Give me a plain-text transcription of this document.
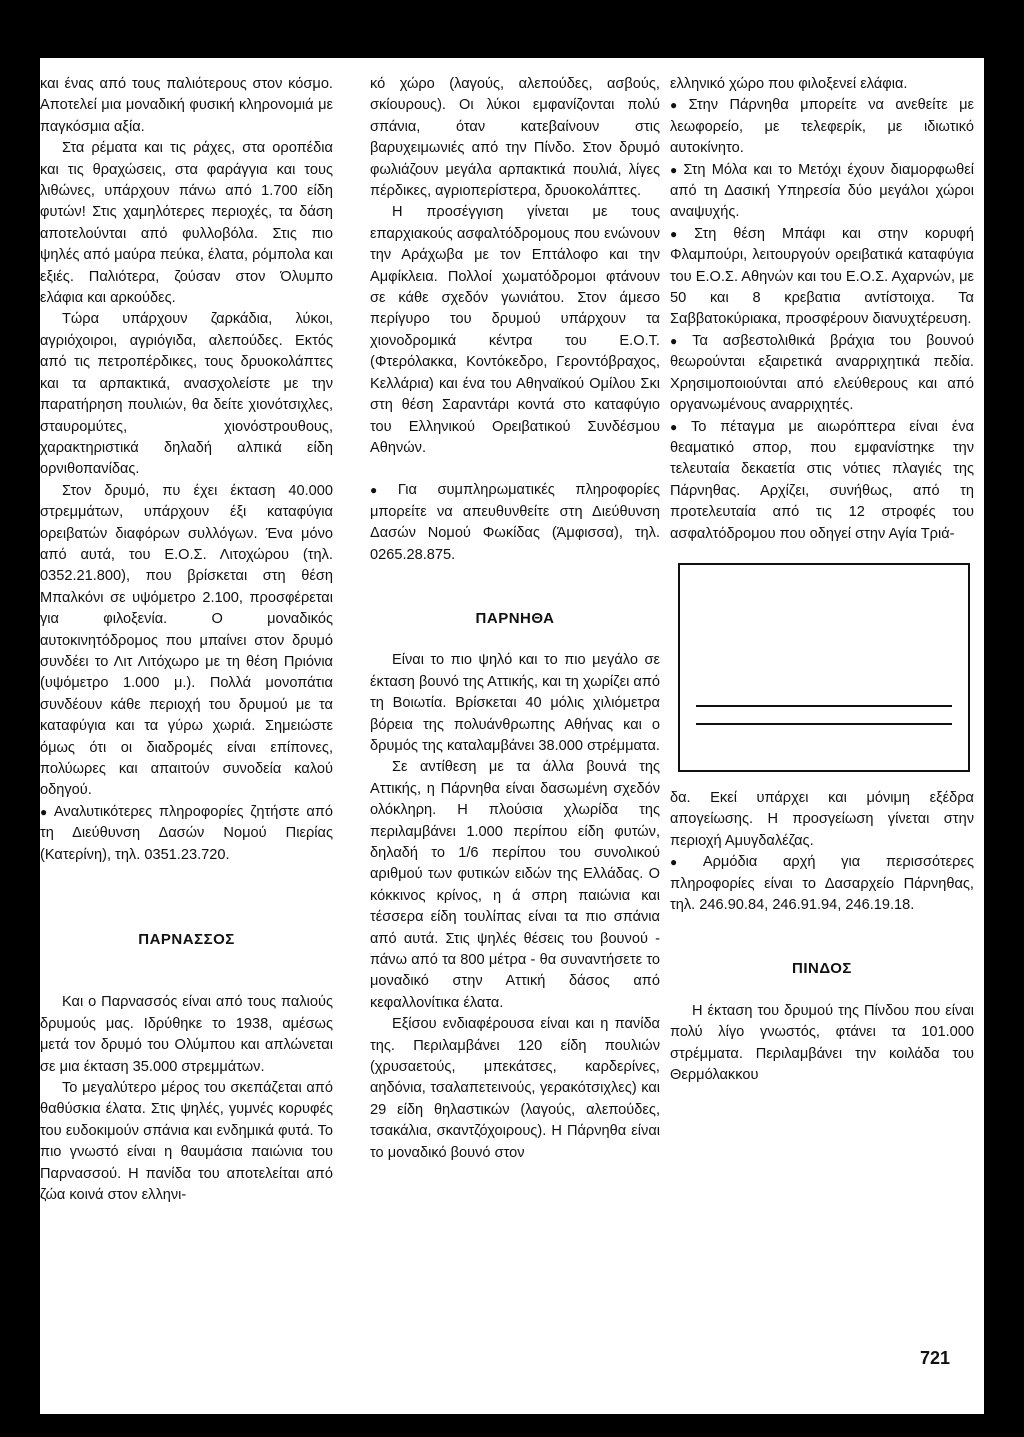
και ένας από τους παλιότερους στον κόσμο. Αποτελεί μια μοναδική φυσική κληρονομιά με παγκόσμια αξία.

Στα ρέματα και τις ράχες, στα οροπέδια και τις θραχώσεις, στα φαράγγια και τους λιθώνες, υπάρχουν πάνω από 1.700 είδη φυτών! Στις χαμηλότερες περιοχές, τα δάση αποτελούνται από φυλλοβόλα. Στις πιο ψηλές από μαύρα πεύκα, έλατα, ρόμπολα και εξιές. Παλιότερα, ζούσαν στον Όλυμπο ελάφια και αρκούδες.

Τώρα υπάρχουν ζαρκάδια, λύκοι, αγριόχοιροι, αγριόγιδα, αλεπούδες. Εκτός από τις πετροπέρδικες, τους δρυοκολάπτες και τα αρπακτικά, ανασχολείστε με την παρατήρηση πουλιών, θα δείτε χιονότσιχλες, σταυρομύτες, χιονόστρουθους, χαρακτηριστικά δηλαδή αλπικά είδη ορνιθοπανίδας.

Στον δρυμό, πυ έχει έκταση 40.000 στρεμμάτων, υπάρχουν έξι καταφύγια ορειβατών διαφόρων συλλόγων. Ένα μόνο από αυτά, του Ε.Ο.Σ. Λιτοχώρου (τηλ. 0352.21.800), που βρίσκεται στη θέση Μπαλκόνι σε υψόμετρο 2.100, προσφέρεται για φιλοξενία. Ο μοναδικός αυτοκινητόδρομος που μπαίνει στον δρυμό συνδέει το Λιτ Λιτόχωρο με τη θέση Πριόνια (υψόμετρο 1.000 μ.). Πολλά μονοπάτια συνδέουν κάθε περιοχή του δρυμού με τα καταφύγια και τα γύρω χωριά. Σημειώστε όμως ότι οι διαδρομές είναι επίπονες, πολύωρες και απαιτούν συνοδεία καλού οδηγού.

● Αναλυτικότερες πληροφορίες ζητήστε από τη Διεύθυνση Δασών Νομού Πιερίας (Κατερίνη), τηλ. 0351.23.720.

ΠΑΡΝΑΣΣΟΣ

Και ο Παρνασσός είναι από τους παλιούς δρυμούς μας. Ιδρύθηκε το 1938, αμέσως μετά τον δρυμό του Ολύμπου και απλώνεται σε μια έκταση 35.000 στρεμμάτων.

Το μεγαλύτερο μέρος του σκεπάζεται από θαθύσκια έλατα. Στις ψηλές, γυμνές κορυφές του ευδοκιμούν σπάνια και ενδημικά φυτά. Το πιο γνωστό είναι η θαυμάσια παιώνια του Παρνασσού. Η πανίδα του αποτελείται από ζώα κοινά στον ελληνι-

κό χώρο (λαγούς, αλεπούδες, ασβούς, σκίουρους). Οι λύκοι εμφανίζονται πολύ σπάνια, όταν κατεβαίνουν στις βαρυχειμωνιές από την Πίνδο. Στον δρυμό φωλιάζουν μεγάλα αρπακτικά πουλιά, λίγες πέρδικες, αγριοπερίστερα, δρυοκολάπτες.

Η προσέγγιση γίνεται με τους επαρχιακούς ασφαλτόδρομους που ενώνουν την Αράχωβα με τον Επτάλοφο και την Αμφίκλεια. Πολλοί χωματόδρομοι φτάνουν σε κάθε σχεδόν γωνιάτου. Στον άμεσο περίγυρο του δρυμού υπάρχουν τα χιονοδρομικά κέντρα του Ε.Ο.Τ. (Φτερόλακκα, Κοντόκεδρο, Γεροντόβραχος, Κελλάρια) και ένα του Αθηναϊκού Ομίλου Σκι στη θέση Σαραντάρι κοντά στο καταφύγιο του Ελληνικού Ορειβατικού Συνδέσμου Αθηνών.

● Για συμπληρωματικές πληροφορίες μπορείτε να απευθυνθείτε στη Διεύθυνση Δασών Νομού Φωκίδας (Άμφισσα), τηλ. 0265.28.875.

ΠΑΡΝΗΘΑ

Είναι το πιο ψηλό και το πιο μεγάλο σε έκταση βουνό της Αττικής, και τη χωρίζει από τη Βοιωτία. Βρίσκεται 40 μόλις χιλιόμετρα βόρεια της πολυάνθρωπης Αθήνας και ο δρυμός της καταλαμβάνει 38.000 στρέμματα.

Σε αντίθεση με τα άλλα βουνά της Αττικής, η Πάρνηθα είναι δασωμένη σχεδόν ολόκληρη. Η πλούσια χλωρίδα της περιλαμβάνει 1.000 περίπου είδη φυτών, δηλαδή το 1/6 περίπου του συνολικού αριθμού των φυτικών ειδών της Ελλάδας. Ο κόκκινος κρίνος, η ά σπρη παιώνια και τέσσερα είδη τουλίπας είναι τα πιο σπάνια από αυτά. Στις ψηλές θέσεις του βουνού - πάνω από τα 800 μέτρα - θα συναντήσετε το μοναδικό στην Αττική δάσος από κεφαλλονίτικα έλατα.

Εξίσου ενδιαφέρουσα είναι και η πανίδα της. Περιλαμβάνει 120 είδη πουλιών (χρυσαετούς, μπεκάτσες, καρδερίνες, αηδόνια, τσαλαπετεινούς, γερακότσιχλες) και 29 είδη θηλαστικών (λαγούς, αλεπούδες, τσακάλια, σκαντζόχοιρους). Η Πάρνηθα είναι το μοναδικό βουνό στον

ελληνικό χώρο που φιλοξενεί ελάφια.

● Στην Πάρνηθα μπορείτε να ανεθείτε με λεωφορείο, με τελεφερίκ, με ιδιωτικό αυτοκίνητο.

● Στη Μόλα και το Μετόχι έχουν διαμορφωθεί από τη Δασική Υπηρεσία δύο μεγάλοι χώροι αναψυχής.

● Στη θέση Μπάφι και στην κορυφή Φλαμπούρι, λειτουργούν ορειβατικά καταφύγια του Ε.Ο.Σ. Αθηνών και του Ε.Ο.Σ. Αχαρνών, με 50 και 8 κρεβατια αντίστοιχα. Τα Σαββατοκύριακα, προσφέρουν διανυχτέρευση.

● Τα ασβεστολιθικά βράχια του βουνού θεωρούνται εξαιρετικά αναρριχητικά πεδία. Χρησιμοποιούνται από ελεύθερους και από οργανωμένους αναρριχητές.

● Το πέταγμα με αιωρόπτερα είναι ένα θεαματικό σπορ, που εμφανίστηκε την τελευταία δεκαετία στις νότιες πλαγιές της Πάρνηθας. Αρχίζει, συνήθως, από τη προτελευταία από τις 12 στροφές του ασφαλτόδρομου που οδηγεί στην Αγία Τριά-

δα. Εκεί υπάρχει και μόνιμη εξέδρα απογείωσης. Η προσγείωση γίνεται στην περιοχή Αμυγδαλέζας.

● Αρμόδια αρχή για περισσότερες πληροφορίες είναι το Δασαρχείο Πάρνηθας, τηλ. 246.90.84, 246.91.94, 246.19.18.

ΠΙΝΔΟΣ

Η έκταση του δρυμού της Πίνδου που είναι πολύ λίγο γνωστός, φτάνει τα 101.000 στρέμματα. Περιλαμβάνει την κοιλάδα του Θερμόλακκου

721
